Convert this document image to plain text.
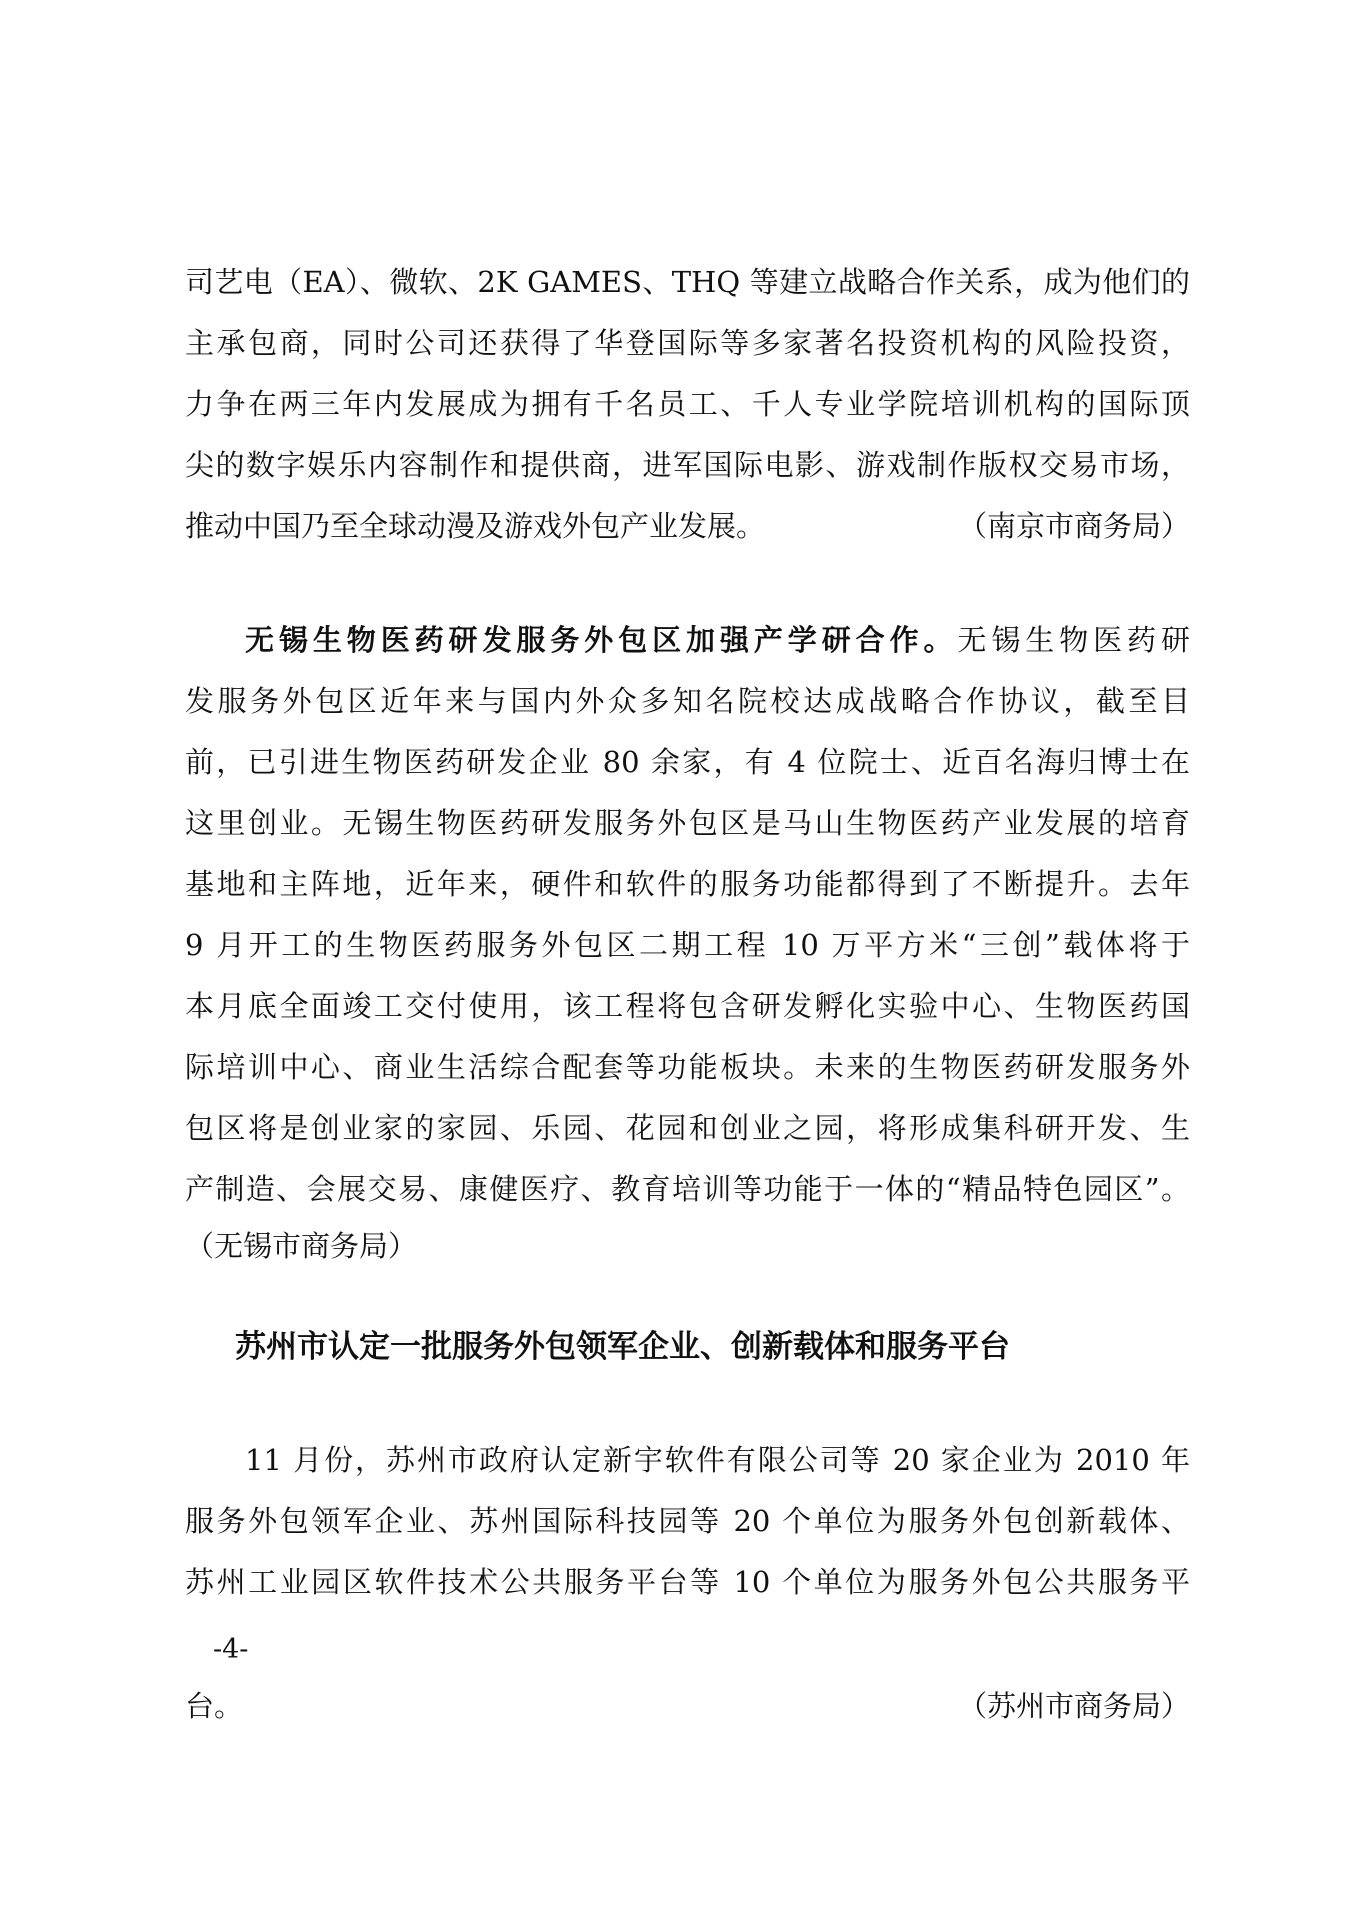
司艺电（EA）、微软、2K GAMES、THQ 等建立战略合作关系，成为他们的
主承包商，同时公司还获得了华登国际等多家著名投资机构的风险投资，
力争在两三年内发展成为拥有千名员工、千人专业学院培训机构的国际顶
尖的数字娱乐内容制作和提供商，进军国际电影、游戏制作版权交易市场，
推动中国乃至全球动漫及游戏外包产业发展。	（南京市商务局）
无锡生物医药研发服务外包区加强产学研合作。无锡生物医药研
发服务外包区近年来与国内外众多知名院校达成战略合作协议，截至目
前，已引进生物医药研发企业 80 余家，有 4 位院士、近百名海归博士在
这里创业。无锡生物医药研发服务外包区是马山生物医药产业发展的培育
基地和主阵地，近年来，硬件和软件的服务功能都得到了不断提升。去年
9 月开工的生物医药服务外包区二期工程 10 万平方米“三创”载体将于
本月底全面竣工交付使用，该工程将包含研发孵化实验中心、生物医药国
际培训中心、商业生活综合配套等功能板块。未来的生物医药研发服务外
包区将是创业家的家园、乐园、花园和创业之园，将形成集科研开发、生
产制造、会展交易、康健医疗、教育培训等功能于一体的“精品特色园区”。
（无锡市商务局）
苏州市认定一批服务外包领军企业、创新载体和服务平台
11 月份，苏州市政府认定新宇软件有限公司等 20 家企业为 2010 年
服务外包领军企业、苏州国际科技园等 20 个单位为服务外包创新载体、
苏州工业园区软件技术公共服务平台等 10 个单位为服务外包公共服务平
台。	（苏州市商务局）
-4-
